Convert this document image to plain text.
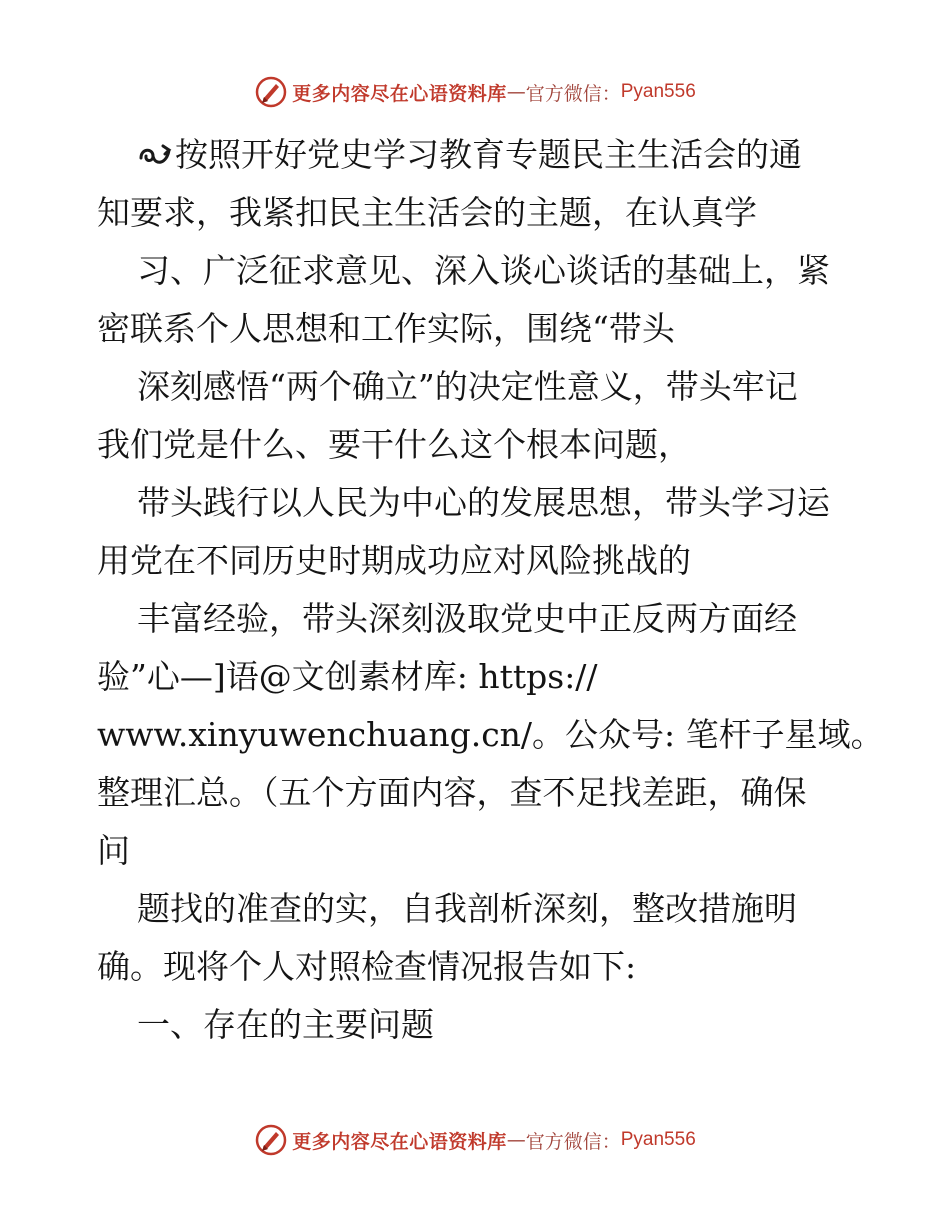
更多内容尽在心语资料库 — 官方微信： Pyan556
按照开好党史学习教育专题民主生活会的通
知要求，我紧扣民主生活会的主题，在认真学
习、广泛征求意见、深入谈心谈话的基础上，紧
密联系个人思想和工作实际，围绕“带头
深刻感悟“两个确立”的决定性意义，带头牢记
我们党是什么、要干什么这个根本问题，
带头践行以人民为中心的发展思想，带头学习运
用党在不同历史时期成功应对风险挑战的
丰富经验，带头深刻汲取党史中正反两方面经
验”心—]语@文创素材库: https://
www.xinyuwenchuang.cn/。公众号: 笔杆子星域。
整理汇总。（五个方面内容，查不足找差距，确保
问
题找的准查的实，自我剖析深刻，整改措施明
确。现将个人对照检查情况报告如下:
一、存在的主要问题
更多内容尽在心语资料库 — 官方微信： Pyan556
